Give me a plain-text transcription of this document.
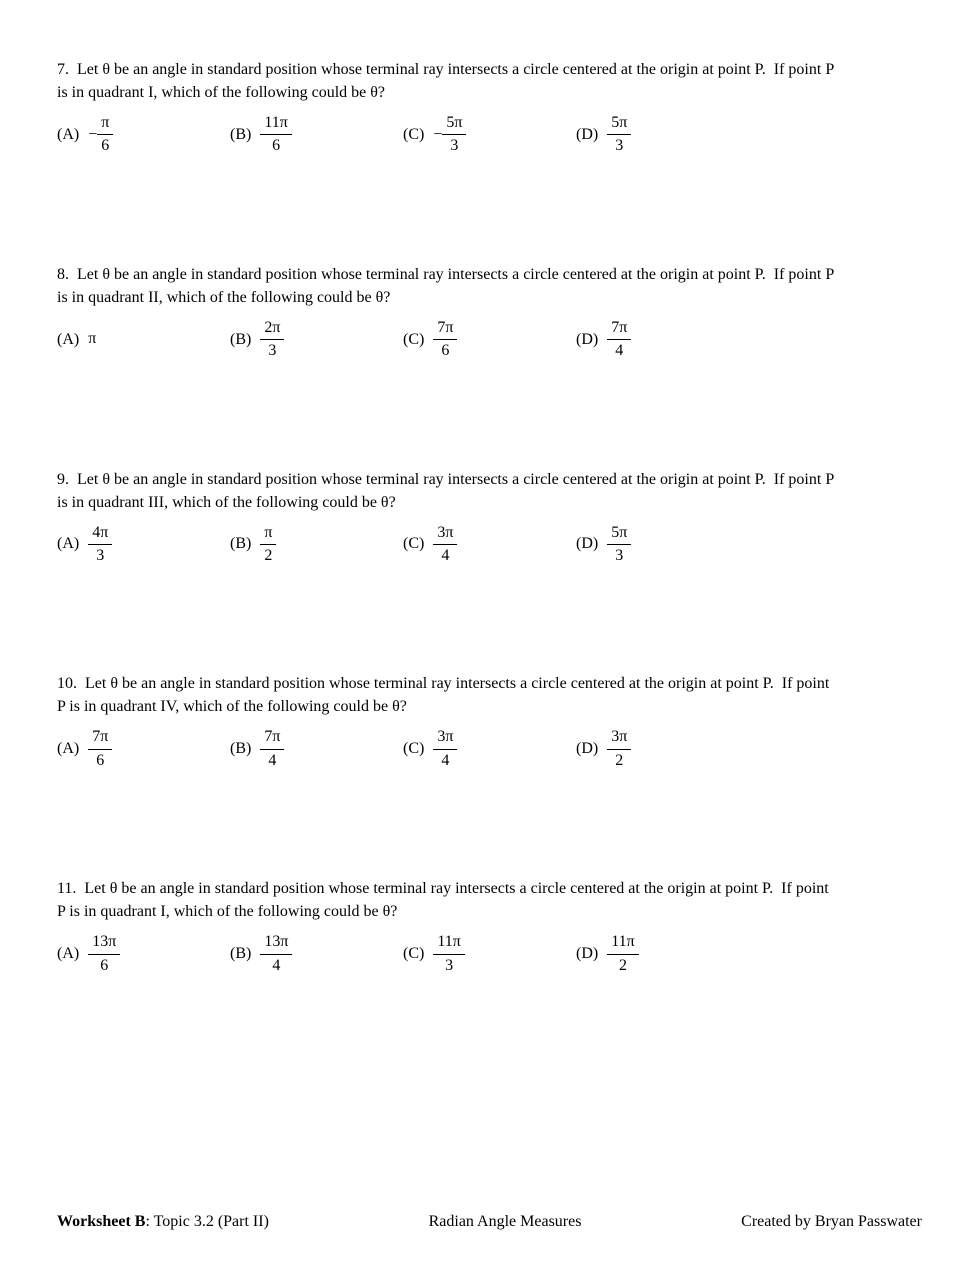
7.  Let θ be an angle in standard position whose terminal ray intersects a circle centered at the origin at point P.  If point P
is in quadrant I, which of the following could be θ?

$(A) - \frac{\pi}{6}$	$(B) \frac{11\pi}{6}$	$(C) - \frac{5\pi}{3}$	$(D) \frac{5\pi}{3}$

8.  Let θ be an angle in standard position whose terminal ray intersects a circle centered at the origin at point P.  If point P
is in quadrant II, which of the following could be θ?

(A) π	$(B) \frac{2\pi}{3}$	$(C) \frac{7\pi}{6}$	$(D) \frac{7\pi}{4}$

9.  Let θ be an angle in standard position whose terminal ray intersects a circle centered at the origin at point P.  If point P
is in quadrant III, which of the following could be θ?

$(A) \frac{4\pi}{3}$	$(B) \frac{\pi}{2}$	$(C) \frac{3\pi}{4}$	$(D) \frac{5\pi}{3}$

10.  Let θ be an angle in standard position whose terminal ray intersects a circle centered at the origin at point P.  If point
P is in quadrant IV, which of the following could be θ?

$(A) \frac{7\pi}{6}$	$(B) \frac{7\pi}{4}$	$(C) \frac{3\pi}{4}$	$(D) \frac{3\pi}{2}$

11.  Let θ be an angle in standard position whose terminal ray intersects a circle centered at the origin at point P.  If point
P is in quadrant I, which of the following could be θ?

$(A) \frac{13\pi}{6}$	$(B) \frac{13\pi}{4}$	$(C) \frac{11\pi}{3}$	$(D) \frac{11\pi}{2}$
Worksheet B: Topic 3.2 (Part II)	Radian Angle Measures	Created by Bryan Passwater
